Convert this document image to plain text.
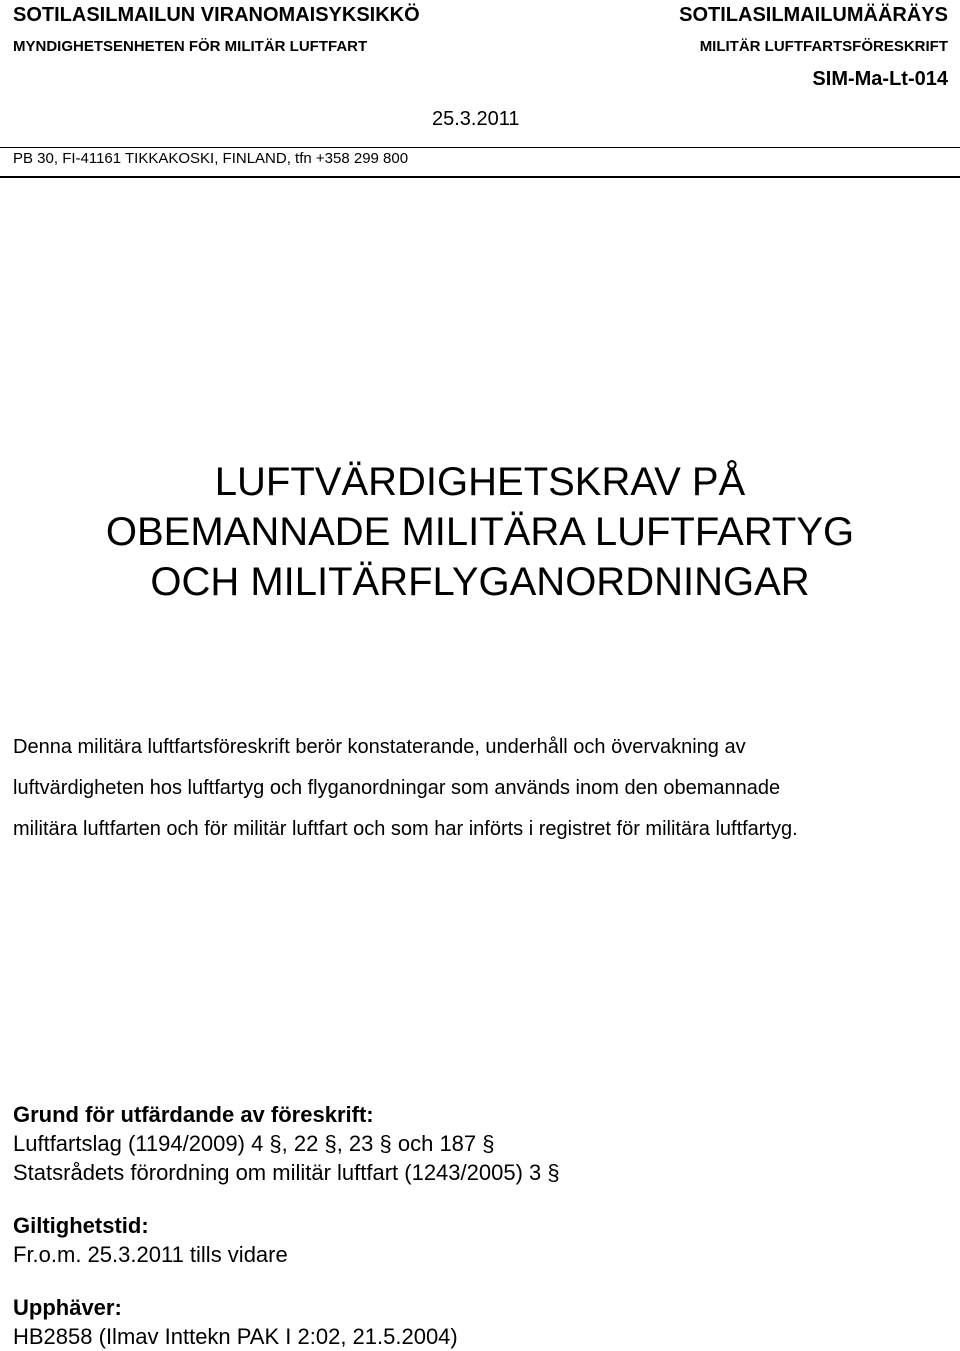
SOTILASILMAILUN VIRANOMAISYKSIKKÖ
MYNDIGHETSENHETEN FÖR MILITÄR LUFTFART
SOTILASILMAILUMÄÄRÄYS
MILITÄR LUFTFARTSFÖRESKRIFT
SIM-Ma-Lt-014
25.3.2011
PB 30, FI-41161 TIKKAKOSKI, FINLAND, tfn +358 299 800
LUFTVÄRDIGHETSKRAV PÅ
OBEMANNADE MILITÄRA LUFTFARTYG
OCH MILITÄRFLYGANORDNINGAR
Denna militära luftfartsföreskrift berör konstaterande, underhåll och övervakning av
luftvärdigheten hos luftfartyg och flyganordningar som används inom den obemannade
militära luftfarten och för militär luftfart och som har införts i registret för militära luftfartyg.
Grund för utfärdande av föreskrift:
Luftfartslag (1194/2009) 4 §, 22 §, 23 § och 187 §
Statsrådets förordning om militär luftfart (1243/2005) 3 §
Giltighetstid:
Fr.o.m. 25.3.2011 tills vidare
Upphäver:
HB2858 (Ilmav Inttekn PAK I 2:02, 21.5.2004)
